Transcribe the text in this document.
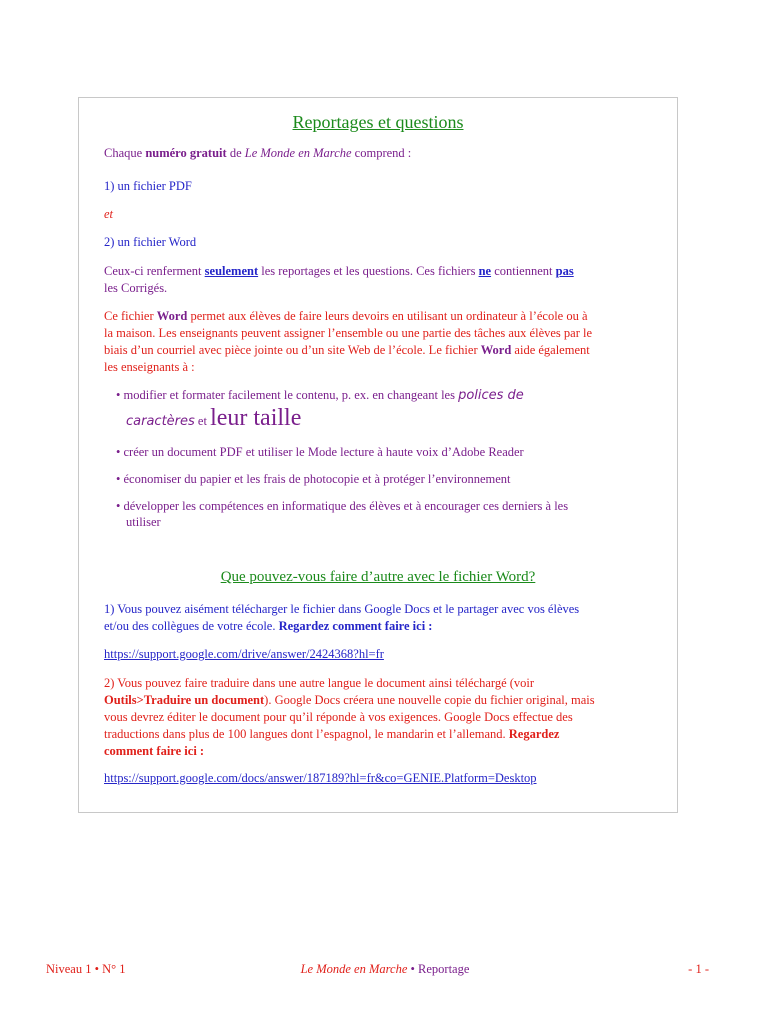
Reportages et questions

Chaque numéro gratuit de Le Monde en Marche comprend :

1) un fichier PDF

et

2) un fichier Word

Ceux-ci renferment seulement les reportages et les questions. Ces fichiers ne contiennent pas
les Corrigés.

Ce fichier Word permet aux élèves de faire leurs devoirs en utilisant un ordinateur à l’école ou à
la maison. Les enseignants peuvent assigner l’ensemble ou une partie des tâches aux élèves par le
biais d’un courriel avec pièce jointe ou d’un site Web de l’école. Le fichier Word aide également
les enseignants à :

• modifier et formater facilement le contenu, p. ex. en changeant les polices de

caractères et leur taille

• créer un document PDF et utiliser le Mode lecture à haute voix d’Adobe Reader

• économiser du papier et les frais de photocopie et à protéger l’environnement

• développer les compétences en informatique des élèves et à encourager ces derniers à les

utiliser

Que pouvez-vous faire d’autre avec le fichier Word?

1) Vous pouvez aisément télécharger le fichier dans Google Docs et le partager avec vos élèves
et/ou des collègues de votre école. Regardez comment faire ici :

https://support.google.com/drive/answer/2424368?hl=fr

2) Vous pouvez faire traduire dans une autre langue le document ainsi téléchargé (voir
Outils>Traduire un document). Google Docs créera une nouvelle copie du fichier original, mais
vous devrez éditer le document pour qu’il réponde à vos exigences. Google Docs effectue des
traductions dans plus de 100 langues dont l’espagnol, le mandarin et l’allemand. Regardez
comment faire ici :

https://support.google.com/docs/answer/187189?hl=fr&co=GENIE.Platform=Desktop

Niveau 1 • N° 1	Le Monde en Marche • Reportage	- 1 -
